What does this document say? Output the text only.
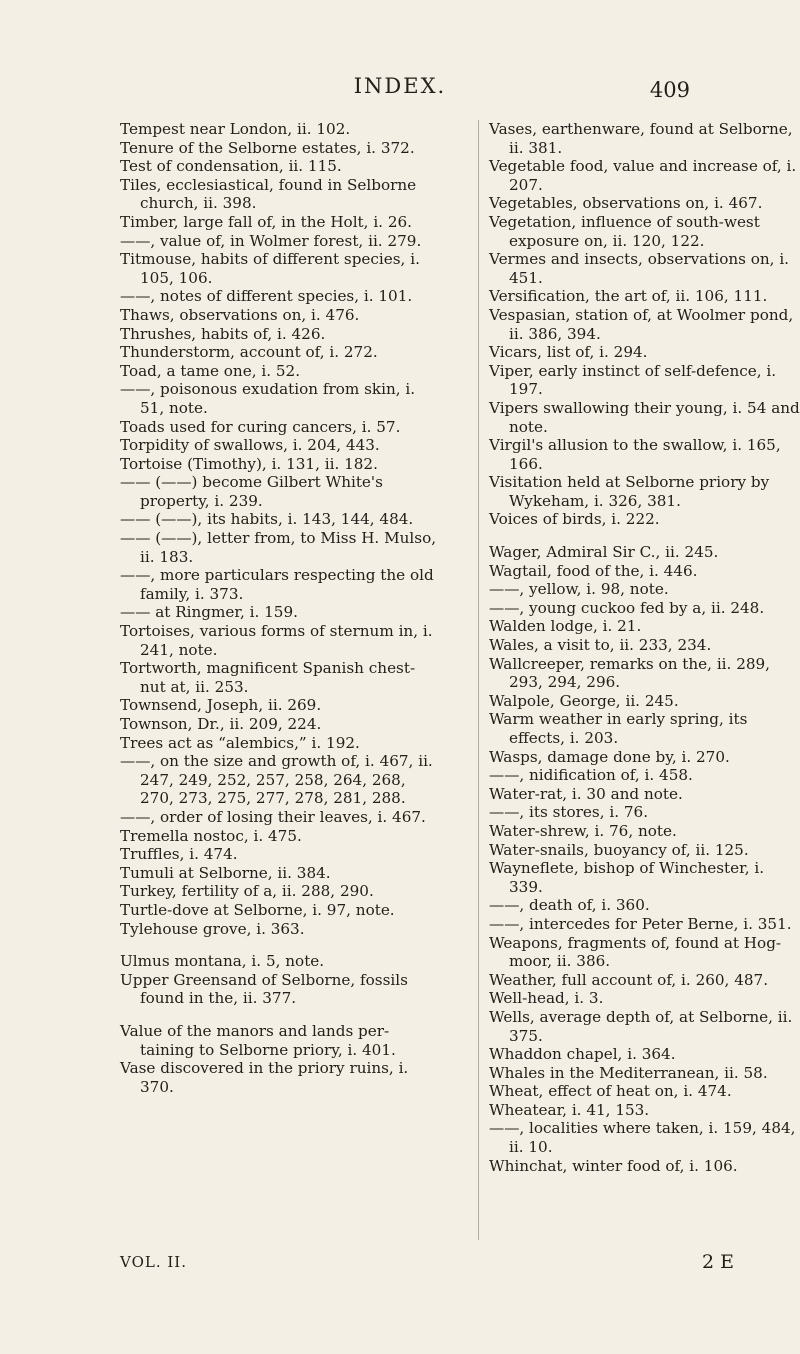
INDEX.	409

Tempest near London, ii. 102.

Tenure of the Selborne estates, i. 372.

Test of condensation, ii. 115.

Tiles, ecclesiastical, found in Selborne church, ii. 398.

Timber, large fall of, in the Holt, i. 26.

——, value of, in Wolmer forest, ii. 279.

Titmouse, habits of different species, i. 105, 106.

——, notes of different species, i. 101.

Thaws, observations on, i. 476.

Thrushes, habits of, i. 426.

Thunderstorm, account of, i. 272.

Toad, a tame one, i. 52.

——, poisonous exudation from skin, i. 51, note.

Toads used for curing cancers, i. 57.

Torpidity of swallows, i. 204, 443.

Tortoise (Timothy), i. 131, ii. 182.

—— (——) become Gilbert White's property, i. 239.

—— (——), its habits, i. 143, 144, 484.

—— (——), letter from, to Miss H. Mulso, ii. 183.

——, more particulars respecting the old family, i. 373.

—— at Ringmer, i. 159.

Tortoises, various forms of sternum in, i. 241, note.

Tortworth, magnificent Spanish chest-nut at, ii. 253.

Townsend, Joseph, ii. 269.

Townson, Dr., ii. 209, 224.

Trees act as “alembics,” i. 192.

——, on the size and growth of, i. 467, ii. 247, 249, 252, 257, 258, 264, 268, 270, 273, 275, 277, 278, 281, 288.

——, order of losing their leaves, i. 467.

Tremella nostoc, i. 475.

Truffles, i. 474.

Tumuli at Selborne, ii. 384.

Turkey, fertility of a, ii. 288, 290.

Turtle-dove at Selborne, i. 97, note.

Tylehouse grove, i. 363.

Ulmus montana, i. 5, note.

Upper Greensand of Selborne, fossils found in the, ii. 377.

Value of the manors and lands per-taining to Selborne priory, i. 401.

Vase discovered in the priory ruins, i. 370.

Vases, earthenware, found at Selborne, ii. 381.

Vegetable food, value and increase of, i. 207.

Vegetables, observations on, i. 467.

Vegetation, influence of south-west exposure on, ii. 120, 122.

Vermes and insects, observations on, i. 451.

Versification, the art of, ii. 106, 111.

Vespasian, station of, at Woolmer pond, ii. 386, 394.

Vicars, list of, i. 294.

Viper, early instinct of self-defence, i. 197.

Vipers swallowing their young, i. 54 and note.

Virgil's allusion to the swallow, i. 165, 166.

Visitation held at Selborne priory by Wykeham, i. 326, 381.

Voices of birds, i. 222.

Wager, Admiral Sir C., ii. 245.

Wagtail, food of the, i. 446.

——, yellow, i. 98, note.

——, young cuckoo fed by a, ii. 248.

Walden lodge, i. 21.

Wales, a visit to, ii. 233, 234.

Wallcreeper, remarks on the, ii. 289, 293, 294, 296.

Walpole, George, ii. 245.

Warm weather in early spring, its effects, i. 203.

Wasps, damage done by, i. 270.

——, nidification of, i. 458.

Water-rat, i. 30 and note.

——, its stores, i. 76.

Water-shrew, i. 76, note.

Water-snails, buoyancy of, ii. 125.

Wayneflete, bishop of Winchester, i. 339.

——, death of, i. 360.

——, intercedes for Peter Berne, i. 351.

Weapons, fragments of, found at Hog-moor, ii. 386.

Weather, full account of, i. 260, 487.

Well-head, i. 3.

Wells, average depth of, at Selborne, ii. 375.

Whaddon chapel, i. 364.

Whales in the Mediterranean, ii. 58.

Wheat, effect of heat on, i. 474.

Wheatear, i. 41, 153.

——, localities where taken, i. 159, 484, ii. 10.

Whinchat, winter food of, i. 106.

VOL. II.	2 E
